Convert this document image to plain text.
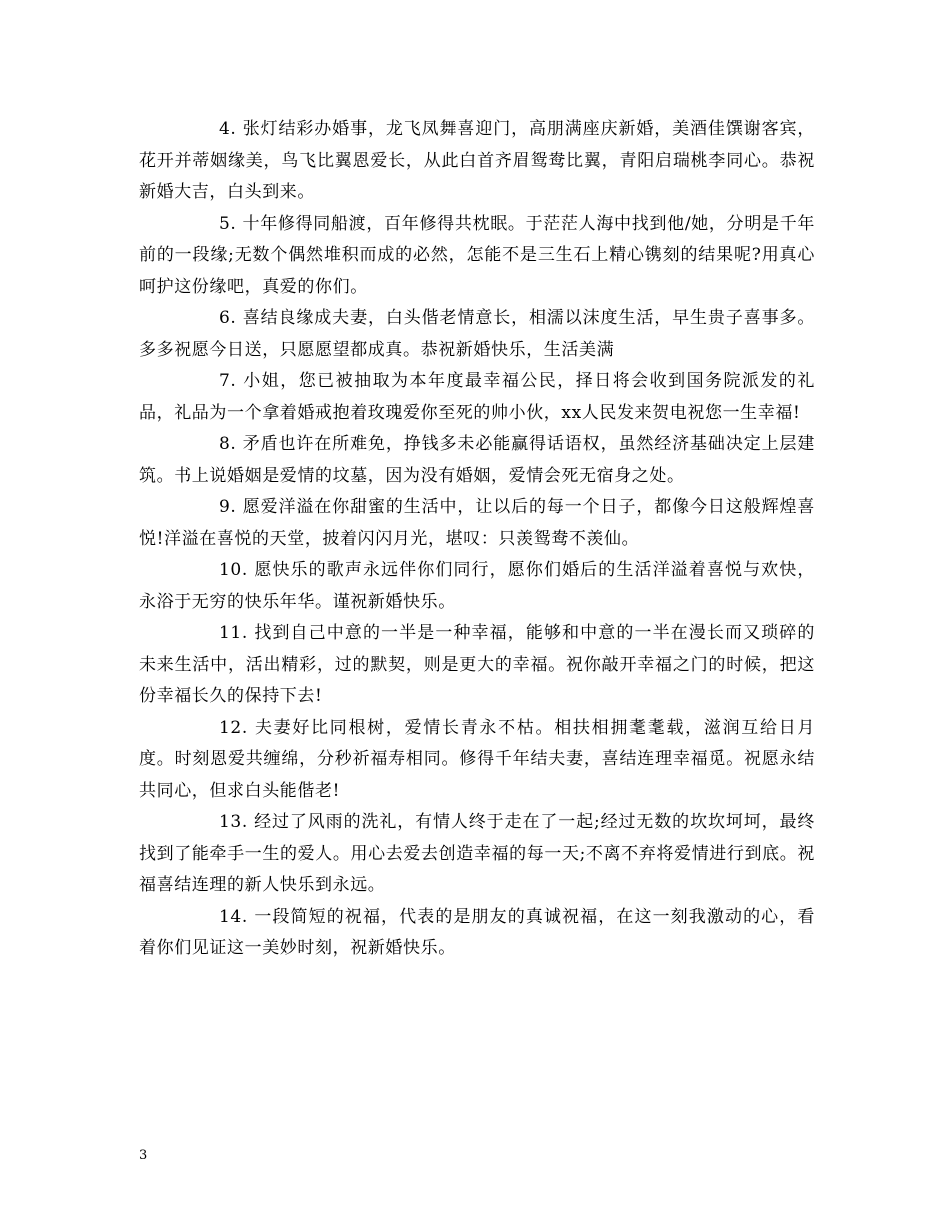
4. 张灯结彩办婚事，龙飞凤舞喜迎门，高朋满座庆新婚，美酒佳馔谢客宾，花开并蒂姻缘美，鸟飞比翼恩爱长，从此白首齐眉鸳鸯比翼，青阳启瑞桃李同心。恭祝新婚大吉，白头到来。

5. 十年修得同船渡，百年修得共枕眠。于茫茫人海中找到他/她，分明是千年前的一段缘;无数个偶然堆积而成的必然，怎能不是三生石上精心镌刻的结果呢?用真心呵护这份缘吧，真爱的你们。

6. 喜结良缘成夫妻，白头偕老情意长，相濡以沫度生活，早生贵子喜事多。多多祝愿今日送，只愿愿望都成真。恭祝新婚快乐，生活美满

7. 小姐，您已被抽取为本年度最幸福公民，择日将会收到国务院派发的礼品，礼品为一个拿着婚戒抱着玫瑰爱你至死的帅小伙，xx人民发来贺电祝您一生幸福!

8. 矛盾也许在所难免，挣钱多未必能赢得话语权，虽然经济基础决定上层建筑。书上说婚姻是爱情的坟墓，因为没有婚姻，爱情会死无宿身之处。

9. 愿爱洋溢在你甜蜜的生活中，让以后的每一个日子，都像今日这般辉煌喜悦!洋溢在喜悦的天堂，披着闪闪月光，堪叹：只羡鸳鸯不羡仙。

10. 愿快乐的歌声永远伴你们同行，愿你们婚后的生活洋溢着喜悦与欢快，永浴于无穷的快乐年华。谨祝新婚快乐。

11. 找到自己中意的一半是一种幸福，能够和中意的一半在漫长而又琐碎的未来生活中，活出精彩，过的默契，则是更大的幸福。祝你敲开幸福之门的时候，把这份幸福长久的保持下去!

12. 夫妻好比同根树，爱情长青永不枯。相扶相拥耄耄载，滋润互给日月度。时刻恩爱共缠绵，分秒祈福寿相同。修得千年结夫妻，喜结连理幸福觅。祝愿永结共同心，但求白头能偕老!

13. 经过了风雨的洗礼，有情人终于走在了一起;经过无数的坎坎坷坷，最终找到了能牵手一生的爱人。用心去爱去创造幸福的每一天;不离不弃将爱情进行到底。祝福喜结连理的新人快乐到永远。

14. 一段简短的祝福，代表的是朋友的真诚祝福，在这一刻我激动的心，看着你们见证这一美妙时刻，祝新婚快乐。

3
